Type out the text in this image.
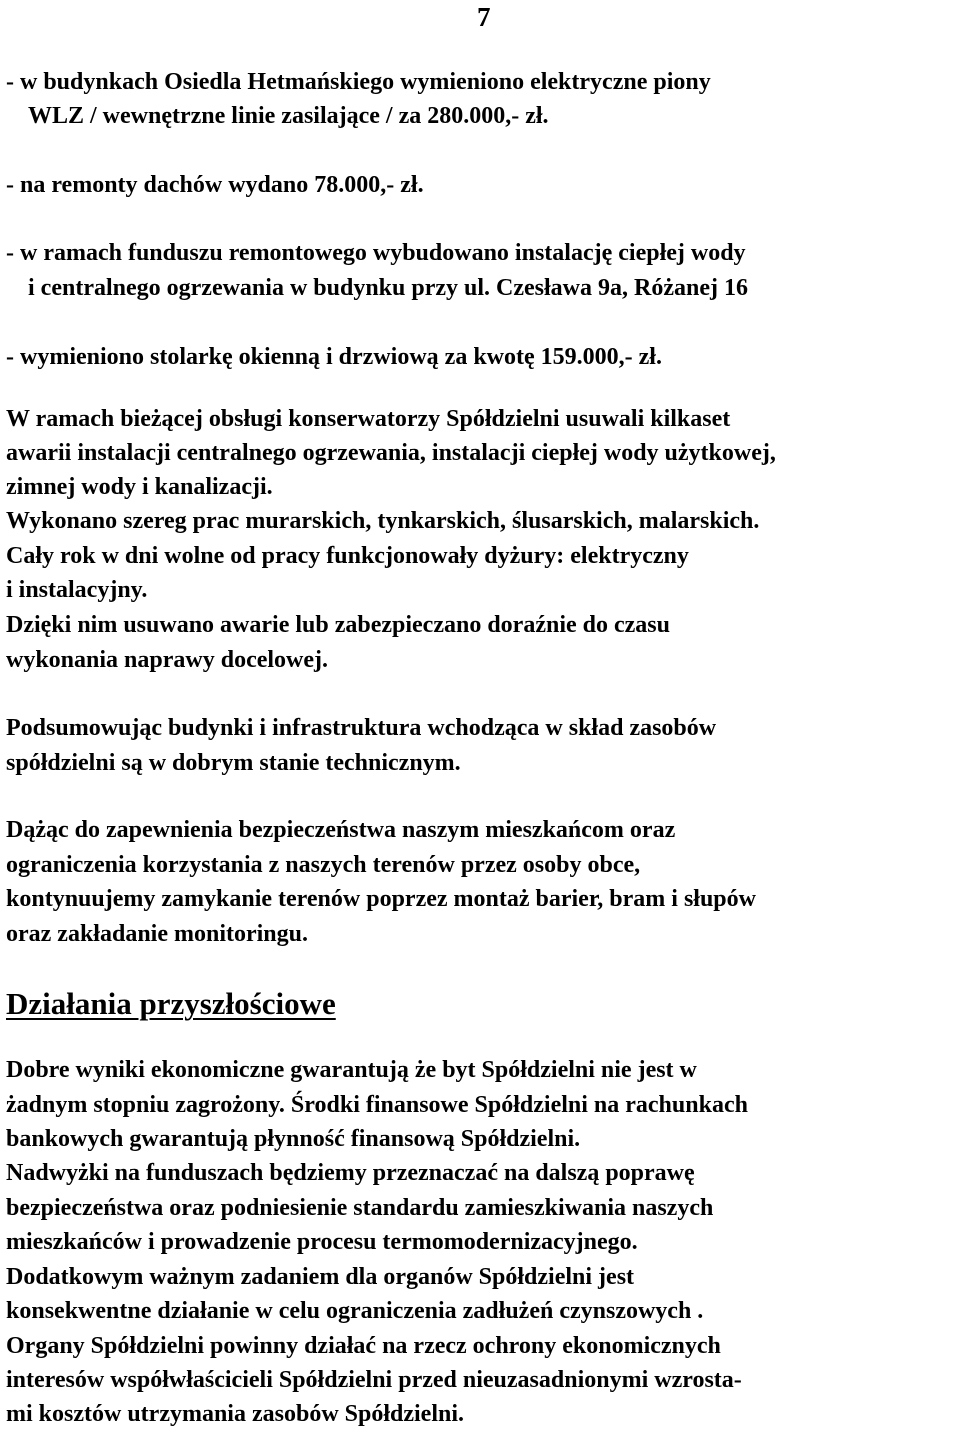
7
- w budynkach Osiedla Hetmańskiego wymieniono elektryczne piony
WLZ / wewnętrzne linie zasilające / za 280.000,- zł.
- na remonty dachów wydano 78.000,- zł.
- w ramach funduszu remontowego wybudowano instalację ciepłej wody
i centralnego ogrzewania w budynku przy ul. Czesława 9a, Różanej 16
- wymieniono stolarkę okienną i drzwiową za kwotę 159.000,- zł.
W ramach bieżącej obsługi konserwatorzy Spółdzielni usuwali kilkaset
awarii instalacji centralnego ogrzewania, instalacji ciepłej wody użytkowej,
zimnej wody i kanalizacji.
Wykonano szereg prac murarskich, tynkarskich, ślusarskich, malarskich.
Cały rok w dni wolne od pracy funkcjonowały dyżury: elektryczny
i instalacyjny.
Dzięki nim usuwano awarie lub zabezpieczano doraźnie do czasu
wykonania naprawy docelowej.
Podsumowując budynki i infrastruktura wchodząca w skład zasobów
spółdzielni są w dobrym stanie technicznym.
Dążąc do zapewnienia bezpieczeństwa naszym mieszkańcom oraz
ograniczenia korzystania z naszych terenów przez osoby obce,
kontynuujemy zamykanie terenów poprzez montaż barier, bram i słupów
oraz zakładanie monitoringu.
Działania przyszłościowe
Dobre wyniki ekonomiczne gwarantują że byt Spółdzielni nie jest w
żadnym stopniu zagrożony. Środki finansowe Spółdzielni na rachunkach
bankowych gwarantują płynność finansową Spółdzielni.
Nadwyżki na funduszach będziemy przeznaczać na dalszą poprawę
bezpieczeństwa oraz podniesienie standardu zamieszkiwania naszych
mieszkańców i prowadzenie procesu termomodernizacyjnego.
Dodatkowym ważnym zadaniem dla organów Spółdzielni jest
konsekwentne działanie w celu ograniczenia zadłużeń czynszowych .
Organy Spółdzielni powinny działać na rzecz ochrony ekonomicznych
interesów współwłaścicieli Spółdzielni przed nieuzasadnionymi wzrosta-
mi kosztów utrzymania zasobów Spółdzielni.
